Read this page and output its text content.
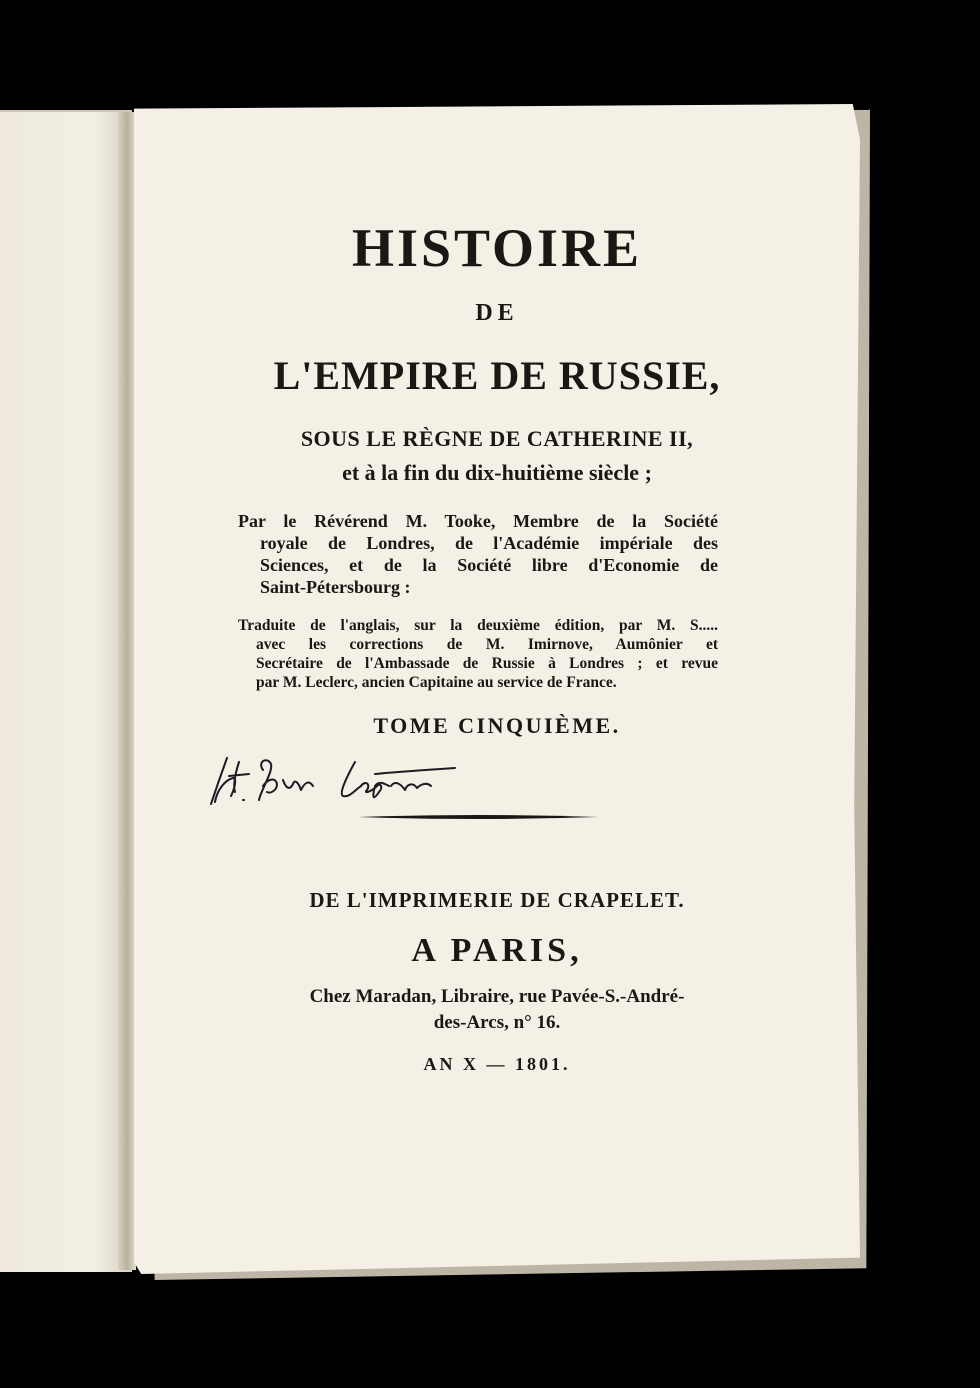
HISTOIRE
DE
L'EMPIRE DE RUSSIE,
SOUS LE RÈGNE DE CATHERINE II,
et à la fin du dix-huitième siècle ;
Par le Révérend M. Tooke, Membre de la Société
royale de Londres, de l'Académie impériale des
Sciences, et de la Société libre d'Economie de
Saint-Pétersbourg :
Traduite de l'anglais, sur la deuxième édition, par M. S.....
avec les corrections de M. Imirnove, Aumônier et
Secrétaire de l'Ambassade de Russie à Londres ; et revue
par M. Leclerc, ancien Capitaine au service de France.
TOME CINQUIÈME.
DE L'IMPRIMERIE DE CRAPELET.
A PARIS,
Chez Maradan, Libraire, rue Pavée-S.-André-
des-Arcs, n° 16.
AN X — 1801.
